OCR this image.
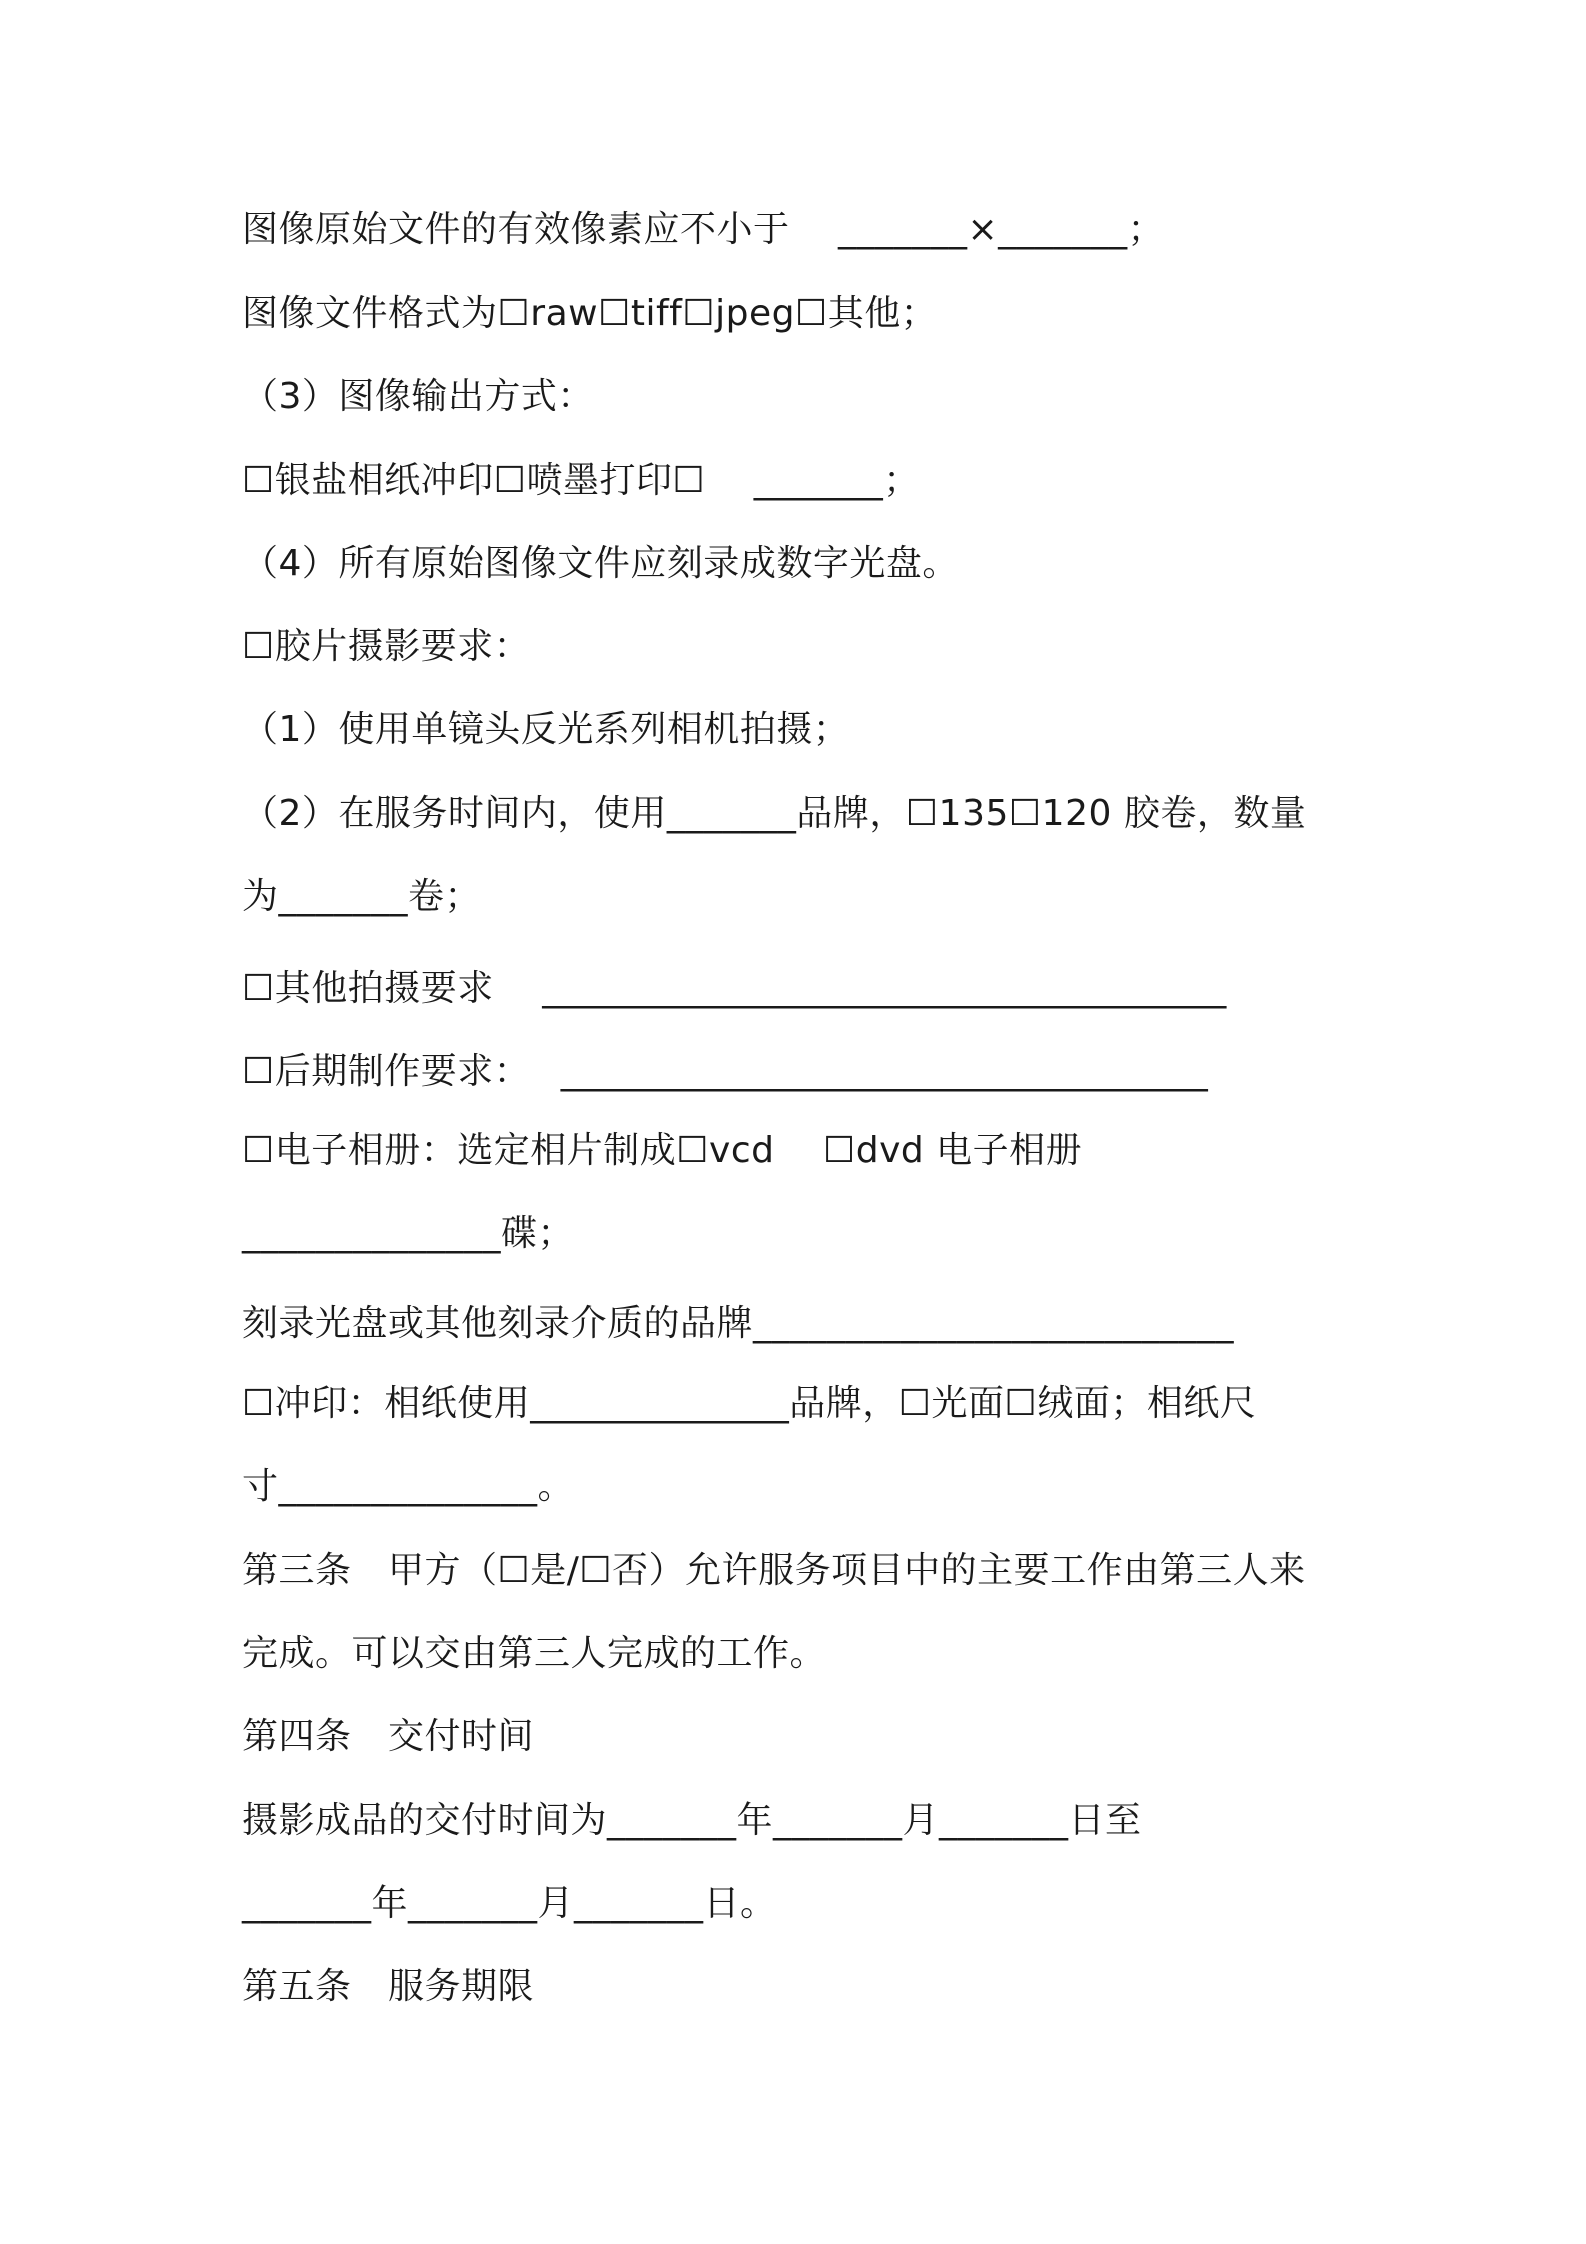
图像原始文件的有效像素应不小于　 _______×_______；
图像文件格式为☐raw☐tiff☐jpeg☐其他；
（3）图像输出方式：
☐银盐相纸冲印☐喷墨打印☐　 _______；
（4）所有原始图像文件应刻录成数字光盘。
☐胶片摄影要求：
（1）使用单镜头反光系列相机拍摄；
（2）在服务时间内，使用_______品牌，☐135☐120 胶卷，数量
为_______卷；
☐其他拍摄要求　 _____________________________________
☐后期制作要求：　 ___________________________________
☐电子相册：选定相片制成☐vcd　 ☐dvd 电子相册
______________碟；
刻录光盘或其他刻录介质的品牌__________________________
☐冲印：相纸使用______________品牌，☐光面☐绒面；相纸尺
寸______________。
第三条　甲方（☐是/☐否）允许服务项目中的主要工作由第三人来
完成。可以交由第三人完成的工作。
第四条　交付时间
摄影成品的交付时间为_______年_______月_______日至
_______年_______月_______日。
第五条　服务期限
